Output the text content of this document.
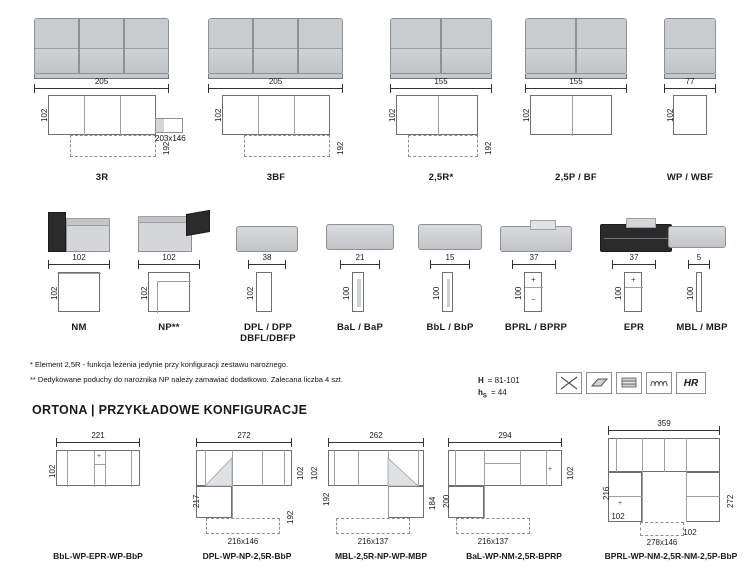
205
102
192
203x146
3R
205
102
192
3BF
155
102
192
2,5R*
155
102
2,5P / BF
77
102
WP / WBF
102
102
NM
102
102
NP**
38
102
DPL / DPP
DBFL/DBFP
21
100
BaL / BaP
15
100
BbL / BbP
37
+
−
100
BPRL / BPRP
37
+
100
EPR
5
100
MBL / MBP
* Element 2,5R - funkcja leżenia jedynie przy konfiguracji zestawu narożnego.
** Dedykowane poduchy do narożnika NP należy zamawiać dodatkowo. Zalecana liczba 4 szt.	H = 81-101
$h_S = 44$
HR
ORTONA | PRZYKŁADOWE KONFIGURACJE
221
+
102
BbL-WP-EPR-WP-BbP
272
217
102
192
216x146
DPL-WP-NP-2,5R-BbP
262
192
102
184
216x137
MBL-2,5R-NP-WP-MBP
294
+
200
102
216x137
BaL-WP-NM-2,5R-BPRP
359
+
216
272
102
102
278x146
BPRL-WP-NM-2,5R-NM-2,5P-BbP
